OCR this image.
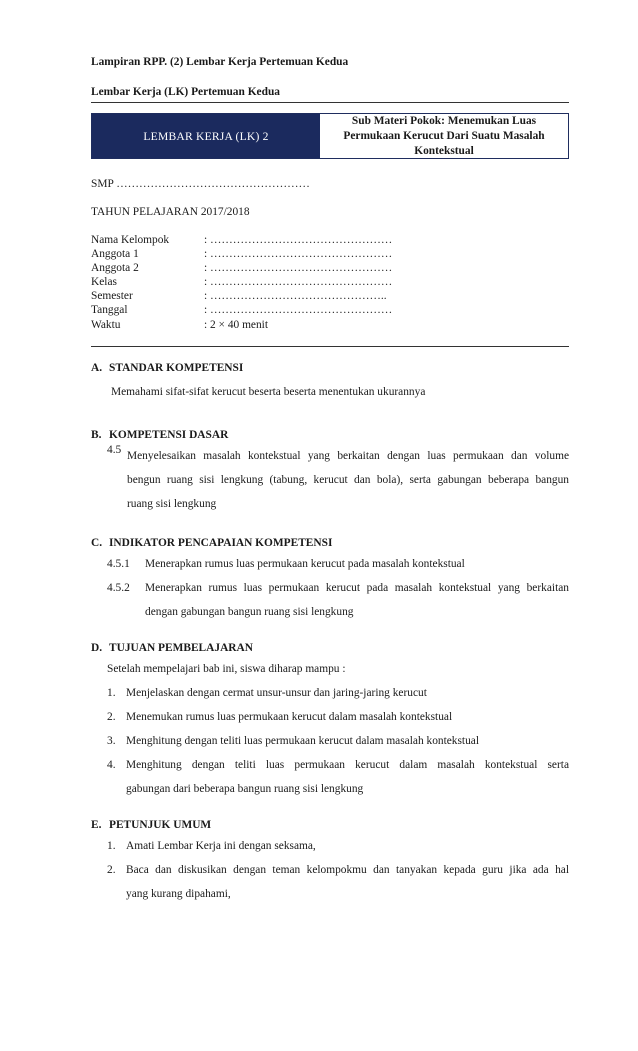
Lampiran RPP. (2) Lembar Kerja Pertemuan Kedua
Lembar Kerja (LK) Pertemuan Kedua
LEMBAR KERJA (LK) 2
Sub Materi Pokok: Menemukan Luas
Permukaan Kerucut Dari Suatu Masalah
Kontekstual
SMP ……………………………………………
TAHUN PELAJARAN 2017/2018
Nama Kelompok	: …………………………………………
Anggota 1	: …………………………………………
Anggota 2	: …………………………………………
Kelas	: …………………………………………
Semester	: ………………………………………..
Tanggal	: …………………………………………
Waktu	: 2 × 40 menit
A. STANDAR KOMPETENSI
Memahami sifat-sifat kerucut beserta beserta menentukan ukurannya
B. KOMPETENSI DASAR
4.5 Menyelesaikan masalah kontekstual yang berkaitan dengan luas permukaan dan volume
bengun ruang sisi lengkung (tabung, kerucut dan bola), serta gabungan beberapa bangun
ruang sisi lengkung
C. INDIKATOR PENCAPAIAN KOMPETENSI
4.5.1	Menerapkan rumus luas permukaan kerucut pada masalah kontekstual
4.5.2	Menerapkan rumus luas permukaan kerucut pada masalah kontekstual yang berkaitan
dengan gabungan bangun ruang sisi lengkung
D. TUJUAN PEMBELAJARAN
Setelah mempelajari bab ini, siswa diharap mampu :
1. Menjelaskan dengan cermat unsur-unsur dan jaring-jaring kerucut
2. Menemukan rumus luas permukaan kerucut dalam masalah kontekstual
3. Menghitung dengan teliti luas permukaan kerucut dalam masalah kontekstual
4. Menghitung dengan teliti luas permukaan kerucut dalam masalah kontekstual serta
gabungan dari beberapa bangun ruang sisi lengkung
E. PETUNJUK UMUM
1. Amati Lembar Kerja ini dengan seksama,
2. Baca dan diskusikan dengan teman kelompokmu dan tanyakan kepada guru jika ada hal
yang kurang dipahami,
